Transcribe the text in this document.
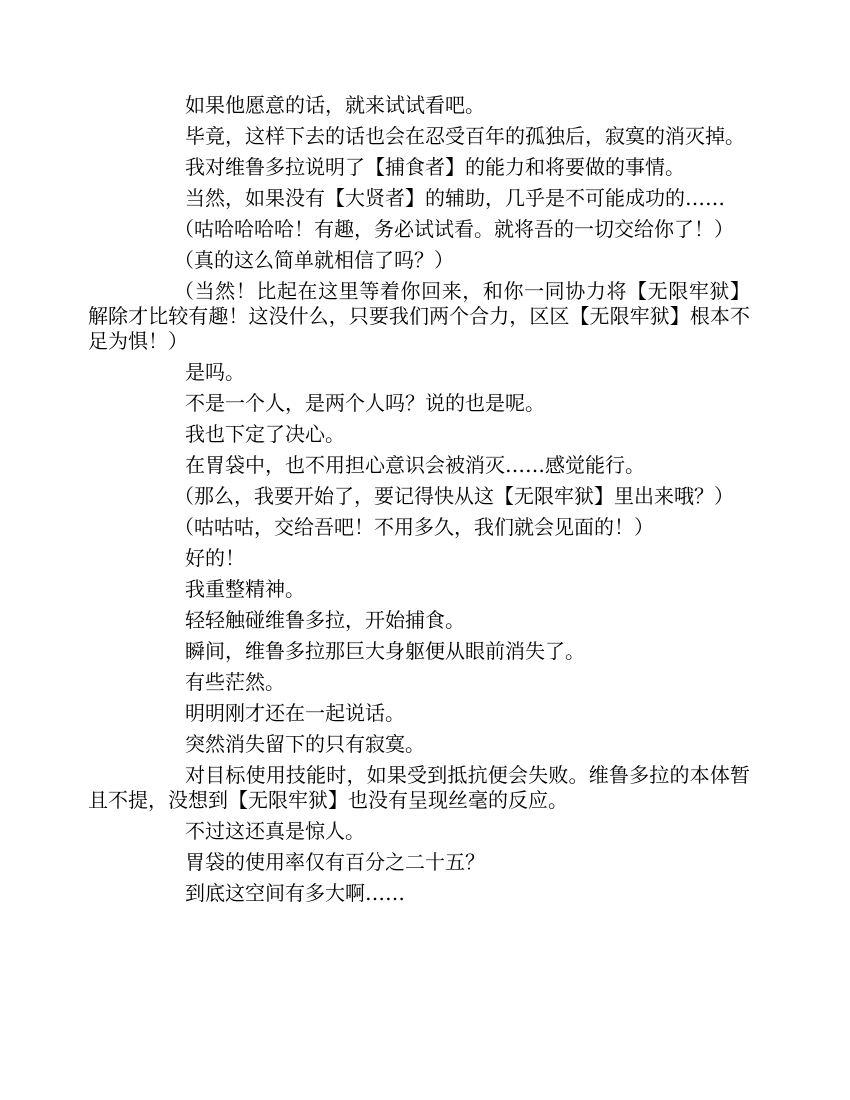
如果他愿意的话，就来试试看吧。

毕竟，这样下去的话也会在忍受百年的孤独后，寂寞的消灭掉。

我对维鲁多拉说明了【捕食者】的能力和将要做的事情。

当然，如果没有【大贤者】的辅助，几乎是不可能成功的……

（咕哈哈哈哈！有趣，务必试试看。就将吾的一切交给你了！）

（真的这么简单就相信了吗？）

（当然！比起在这里等着你回来，和你一同协力将【无限牢狱】解除才比较有趣！这没什么，只要我们两个合力，区区【无限牢狱】根本不足为惧！）

是吗。

不是一个人，是两个人吗？说的也是呢。

我也下定了决心。

在胃袋中，也不用担心意识会被消灭……感觉能行。

（那么，我要开始了，要记得快从这【无限牢狱】里出来哦？）

（咕咕咕，交给吾吧！不用多久，我们就会见面的！）

好的！

我重整精神。

轻轻触碰维鲁多拉，开始捕食。

瞬间，维鲁多拉那巨大身躯便从眼前消失了。

有些茫然。

明明刚才还在一起说话。

突然消失留下的只有寂寞。

对目标使用技能时，如果受到抵抗便会失败。维鲁多拉的本体暂且不提，没想到【无限牢狱】也没有呈现丝毫的反应。

不过这还真是惊人。

胃袋的使用率仅有百分之二十五？

到底这空间有多大啊……
